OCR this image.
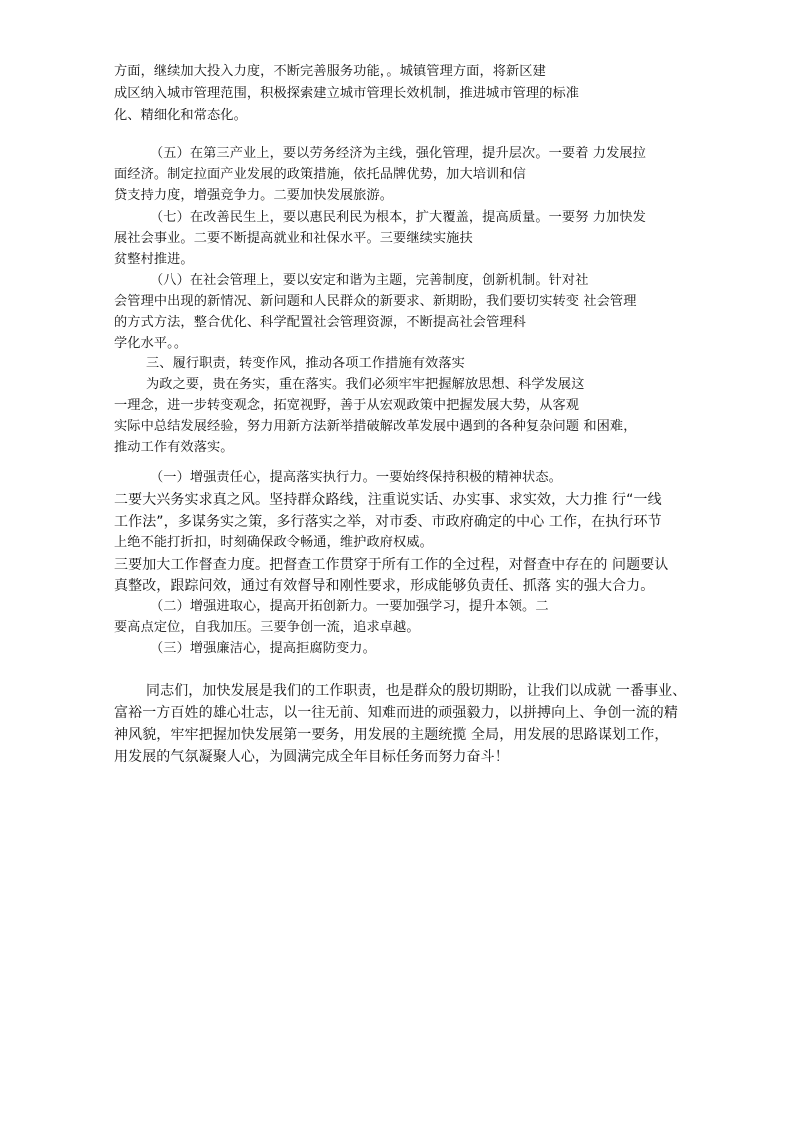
方面，继续加大投入力度，不断完善服务功能，。城镇管理方面，将新区建
成区纳入城市管理范围，积极探索建立城市管理长效机制，推进城市管理的标准
化、精细化和常态化。
（五）在第三产业上，要以劳务经济为主线，强化管理，提升层次。一要着 力发展拉
面经济。制定拉面产业发展的政策措施，依托品牌优势，加大培训和信
贷支持力度，增强竞争力。二要加快发展旅游。
（七）在改善民生上，要以惠民利民为根本，扩大覆盖，提高质量。一要努 力加快发
展社会事业。二要不断提高就业和社保水平。三要继续实施扶
贫整村推进。
（八）在社会管理上，要以安定和谐为主题，完善制度，创新机制。针对社
会管理中出现的新情况、新问题和人民群众的新要求、新期盼，我们要切实转变 社会管理
的方式方法，整合优化、科学配置社会管理资源，不断提高社会管理科
学化水平。。
三、履行职责，转变作风，推动各项工作措施有效落实
为政之要，贵在务实，重在落实。我们必须牢牢把握解放思想、科学发展这
一理念，进一步转变观念，拓宽视野，善于从宏观政策中把握发展大势，从客观
实际中总结发展经验，努力用新方法新举措破解改革发展中遇到的各种复杂问题 和困难，
推动工作有效落实。
（一）增强责任心，提高落实执行力。一要始终保持积极的精神状态。
二要大兴务实求真之风。坚持群众路线，注重说实话、办实事、求实效，大力推 行“一线
工作法”，多谋务实之策，多行落实之举，对市委、市政府确定的中心 工作，在执行环节
上绝不能打折扣，时刻确保政令畅通，维护政府权威。
三要加大工作督查力度。把督查工作贯穿于所有工作的全过程，对督查中存在的 问题要认
真整改，跟踪问效，通过有效督导和刚性要求，形成能够负责任、抓落 实的强大合力。
（二）增强进取心，提高开拓创新力。一要加强学习，提升本领。二
要高点定位，自我加压。三要争创一流，追求卓越。
（三）增强廉洁心，提高拒腐防变力。
同志们，加快发展是我们的工作职责，也是群众的殷切期盼，让我们以成就 一番事业、
富裕一方百姓的雄心壮志，以一往无前、知难而进的顽强毅力，以拼搏向上、争创一流的精
神风貌，牢牢把握加快发展第一要务，用发展的主题统揽 全局，用发展的思路谋划工作，
用发展的气氛凝聚人心，为圆满完成全年目标任务而努力奋斗！
